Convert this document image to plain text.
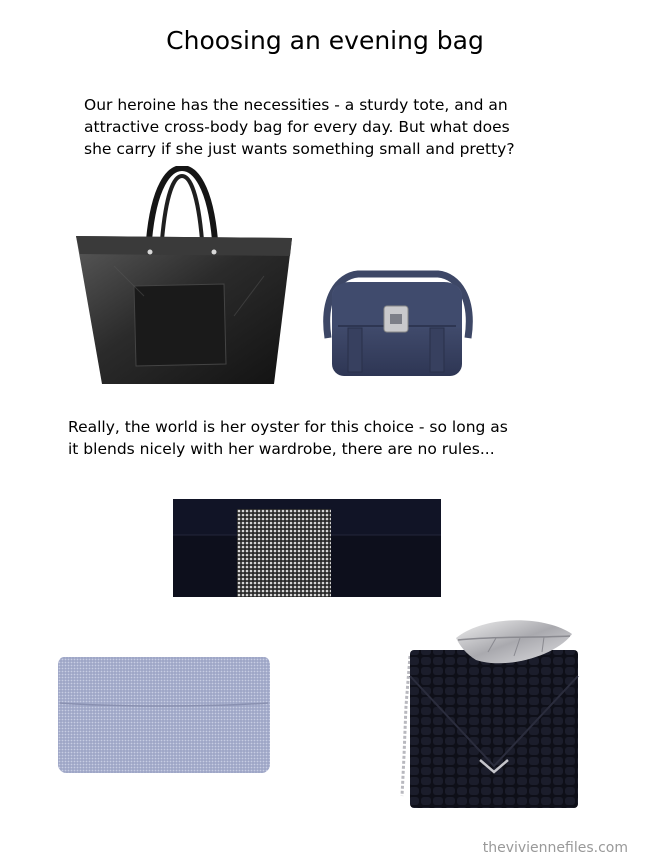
Choosing an evening bag
Our heroine has the necessities - a sturdy tote, and an
attractive cross-body bag for every day. But what does
she carry if she just wants something small and pretty?
Really, the world is her oyster for this choice - so long as
it blends nicely with her wardrobe, there are no rules...
theviviennefiles.com
